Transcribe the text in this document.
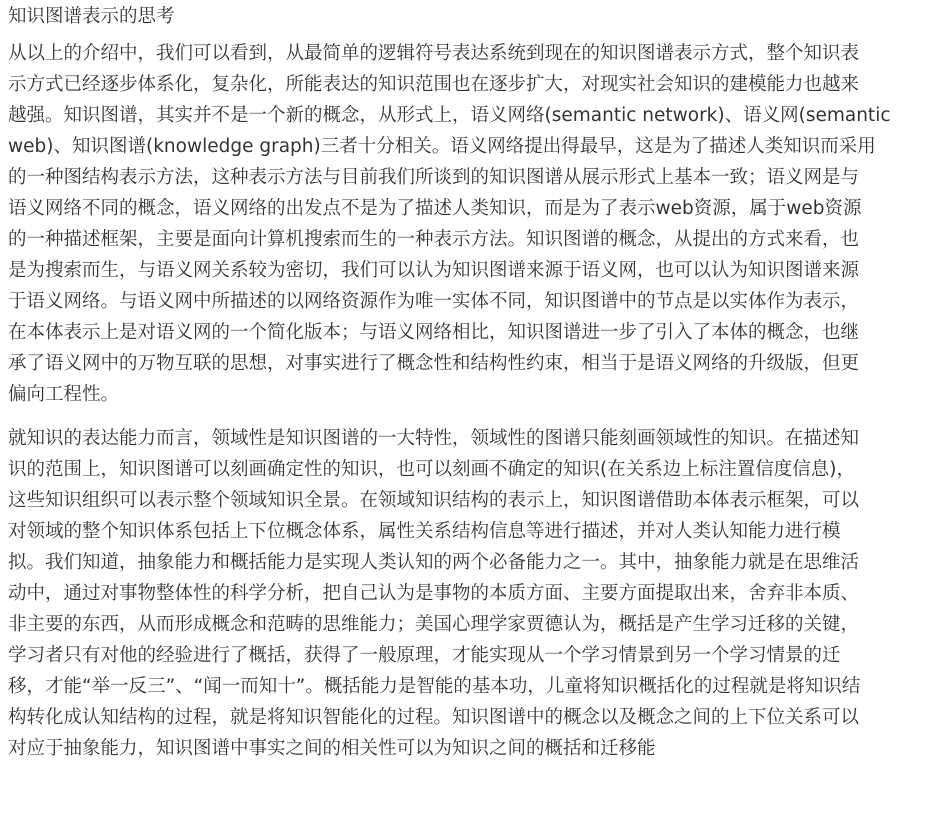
知识图谱表示的思考
从以上的介绍中，我们可以看到，从最简单的逻辑符号表达系统到现在的知识图谱表示方式，整个知识表
示方式已经逐步体系化，复杂化，所能表达的知识范围也在逐步扩大，对现实社会知识的建模能力也越来
越强。知识图谱，其实并不是一个新的概念，从形式上，语义网络(semantic network)、语义网(semantic
web)、知识图谱(knowledge graph)三者十分相关。语义网络提出得最早，这是为了描述人类知识而采用
的一种图结构表示方法，这种表示方法与目前我们所谈到的知识图谱从展示形式上基本一致；语义网是与
语义网络不同的概念，语义网络的出发点不是为了描述人类知识，而是为了表示web资源，属于web资源
的一种描述框架，主要是面向计算机搜索而生的一种表示方法。知识图谱的概念，从提出的方式来看，也
是为搜索而生，与语义网关系较为密切，我们可以认为知识图谱来源于语义网，也可以认为知识图谱来源
于语义网络。与语义网中所描述的以网络资源作为唯一实体不同，知识图谱中的节点是以实体作为表示，
在本体表示上是对语义网的一个简化版本；与语义网络相比，知识图谱进一步了引入了本体的概念，也继
承了语义网中的万物互联的思想，对事实进行了概念性和结构性约束，相当于是语义网络的升级版，但更
偏向工程性。
就知识的表达能力而言，领域性是知识图谱的一大特性，领域性的图谱只能刻画领域性的知识。在描述知
识的范围上，知识图谱可以刻画确定性的知识，也可以刻画不确定的知识(在关系边上标注置信度信息)，
这些知识组织可以表示整个领域知识全景。在领域知识结构的表示上，知识图谱借助本体表示框架，可以
对领域的整个知识体系包括上下位概念体系，属性关系结构信息等进行描述，并对人类认知能力进行模
拟。我们知道，抽象能力和概括能力是实现人类认知的两个必备能力之一。其中，抽象能力就是在思维活
动中，通过对事物整体性的科学分析，把自己认为是事物的本质方面、主要方面提取出来，舍弃非本质、
非主要的东西，从而形成概念和范畴的思维能力；美国心理学家贾德认为，概括是产生学习迁移的关键，
学习者只有对他的经验进行了概括，获得了一般原理，才能实现从一个学习情景到另一个学习情景的迁
移，才能“举一反三”、“闻一而知十”。概括能力是智能的基本功，儿童将知识概括化的过程就是将知识结
构转化成认知结构的过程，就是将知识智能化的过程。知识图谱中的概念以及概念之间的上下位关系可以
对应于抽象能力，知识图谱中事实之间的相关性可以为知识之间的概括和迁移能
